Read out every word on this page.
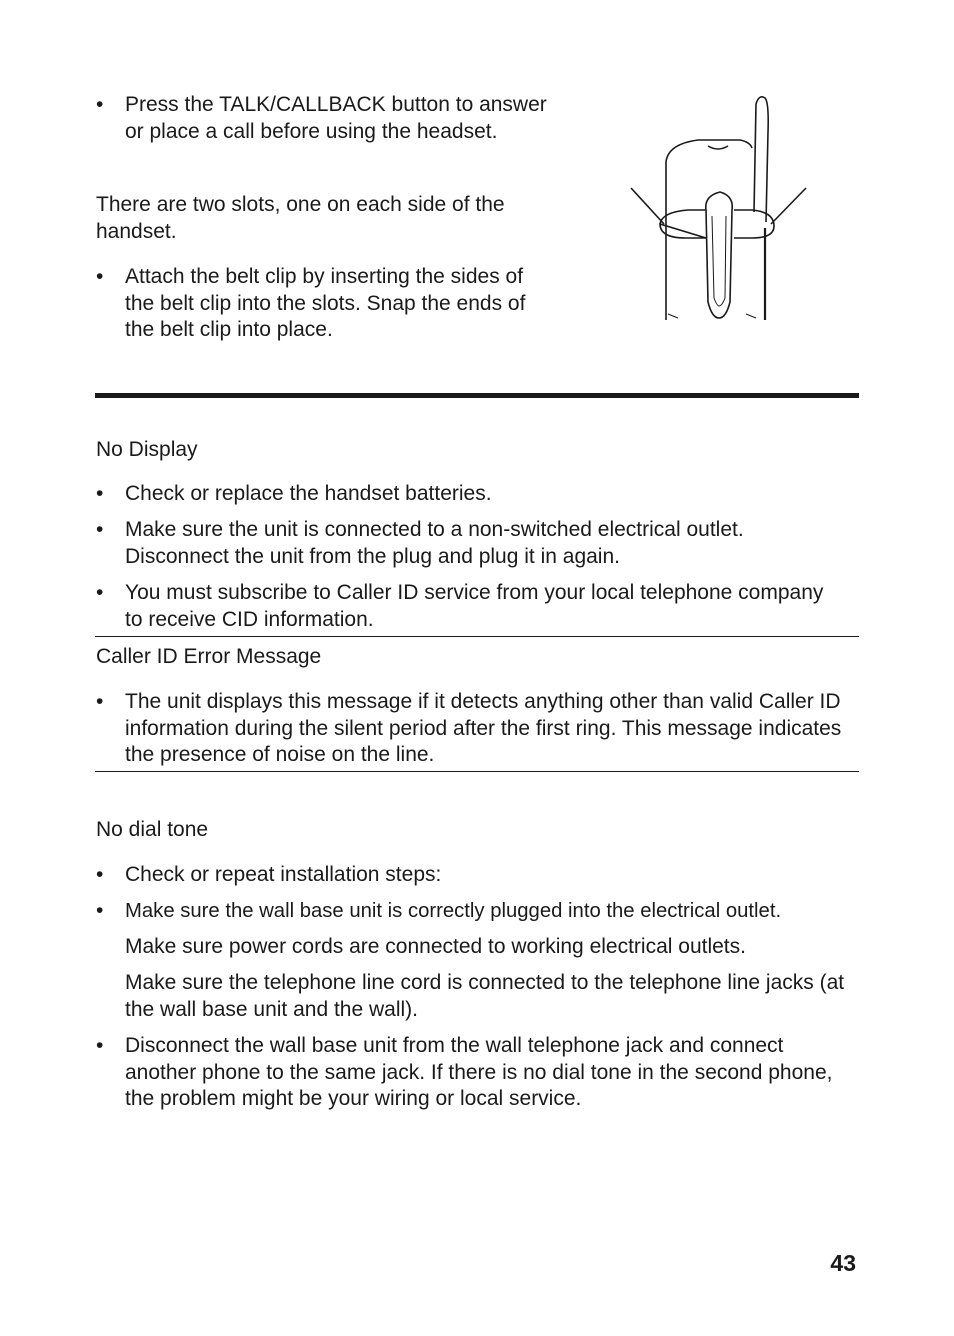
• Press the TALK/CALLBACK button to answer or place a call before using the headset.

There are two slots, one on each side of the handset.

• Attach the belt clip by inserting the sides of the belt clip into the slots. Snap the ends of the belt clip into place.

No Display

• Check or replace the handset batteries.

• Make sure the unit is connected to a non-switched electrical outlet. Disconnect the unit from the plug and plug it in again.

• You must subscribe to Caller ID service from your local telephone company to receive CID information.

Caller ID Error Message

• The unit displays this message if it detects anything other than valid Caller ID information during the silent period after the first ring. This message indicates the presence of noise on the line.

No dial tone

• Check or repeat installation steps:

• Make sure the wall base unit is correctly plugged into the electrical outlet.

Make sure power cords are connected to working electrical outlets.

Make sure the telephone line cord is connected to the telephone line jacks (at the wall base unit and the wall).

• Disconnect the wall base unit from the wall telephone jack and connect another phone to the same jack. If there is no dial tone in the second phone, the problem might be your wiring or local service.

43
